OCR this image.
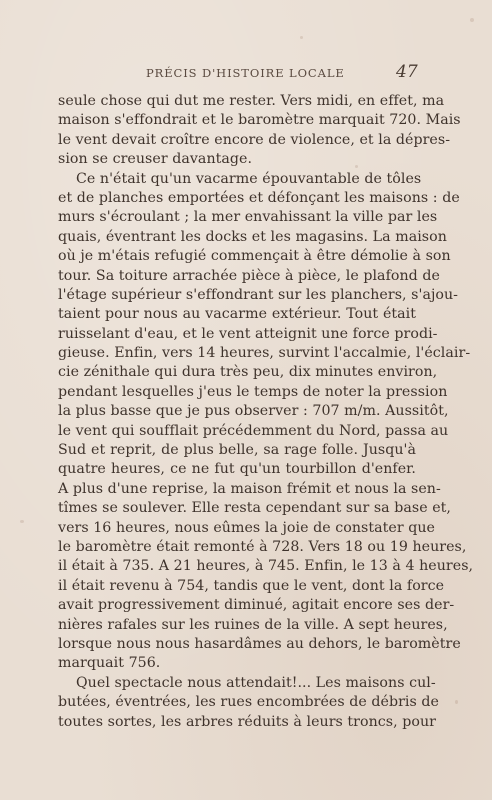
PRÉCIS D'HISTOIRE LOCALE	47
seule chose qui dut me rester. Vers midi, en effet, ma
maison s'effondrait et le baromètre marquait 720. Mais
le vent devait croître encore de violence, et la dépres-
sion se creuser davantage.
Ce n'était qu'un vacarme épouvantable de tôles
et de planches emportées et défonçant les maisons : de
murs s'écroulant ; la mer envahissant la ville par les
quais, éventrant les docks et les magasins. La maison
où je m'étais refugié commençait à être démolie à son
tour. Sa toiture arrachée pièce à pièce, le plafond de
l'étage supérieur s'effondrant sur les planchers, s'ajou-
taient pour nous au vacarme extérieur. Tout était
ruisselant d'eau, et le vent atteignit une force prodi-
gieuse. Enfin, vers 14 heures, survint l'accalmie, l'éclair-
cie zénithale qui dura très peu, dix minutes environ,
pendant lesquelles j'eus le temps de noter la pression
la plus basse que je pus observer : 707 m/m. Aussitôt,
le vent qui soufflait précédemment du Nord, passa au
Sud et reprit, de plus belle, sa rage folle. Jusqu'à
quatre heures, ce ne fut qu'un tourbillon d'enfer.
A plus d'une reprise, la maison frémit et nous la sen-
tîmes se soulever. Elle resta cependant sur sa base et,
vers 16 heures, nous eûmes la joie de constater que
le baromètre était remonté à 728. Vers 18 ou 19 heures,
il était à 735. A 21 heures, à 745. Enfin, le 13 à 4 heures,
il était revenu à 754, tandis que le vent, dont la force
avait progressivement diminué, agitait encore ses der-
nières rafales sur les ruines de la ville. A sept heures,
lorsque nous nous hasardâmes au dehors, le baromètre
marquait 756.
Quel spectacle nous attendait!... Les maisons cul-
butées, éventrées, les rues encombrées de débris de
toutes sortes, les arbres réduits à leurs troncs, pour
